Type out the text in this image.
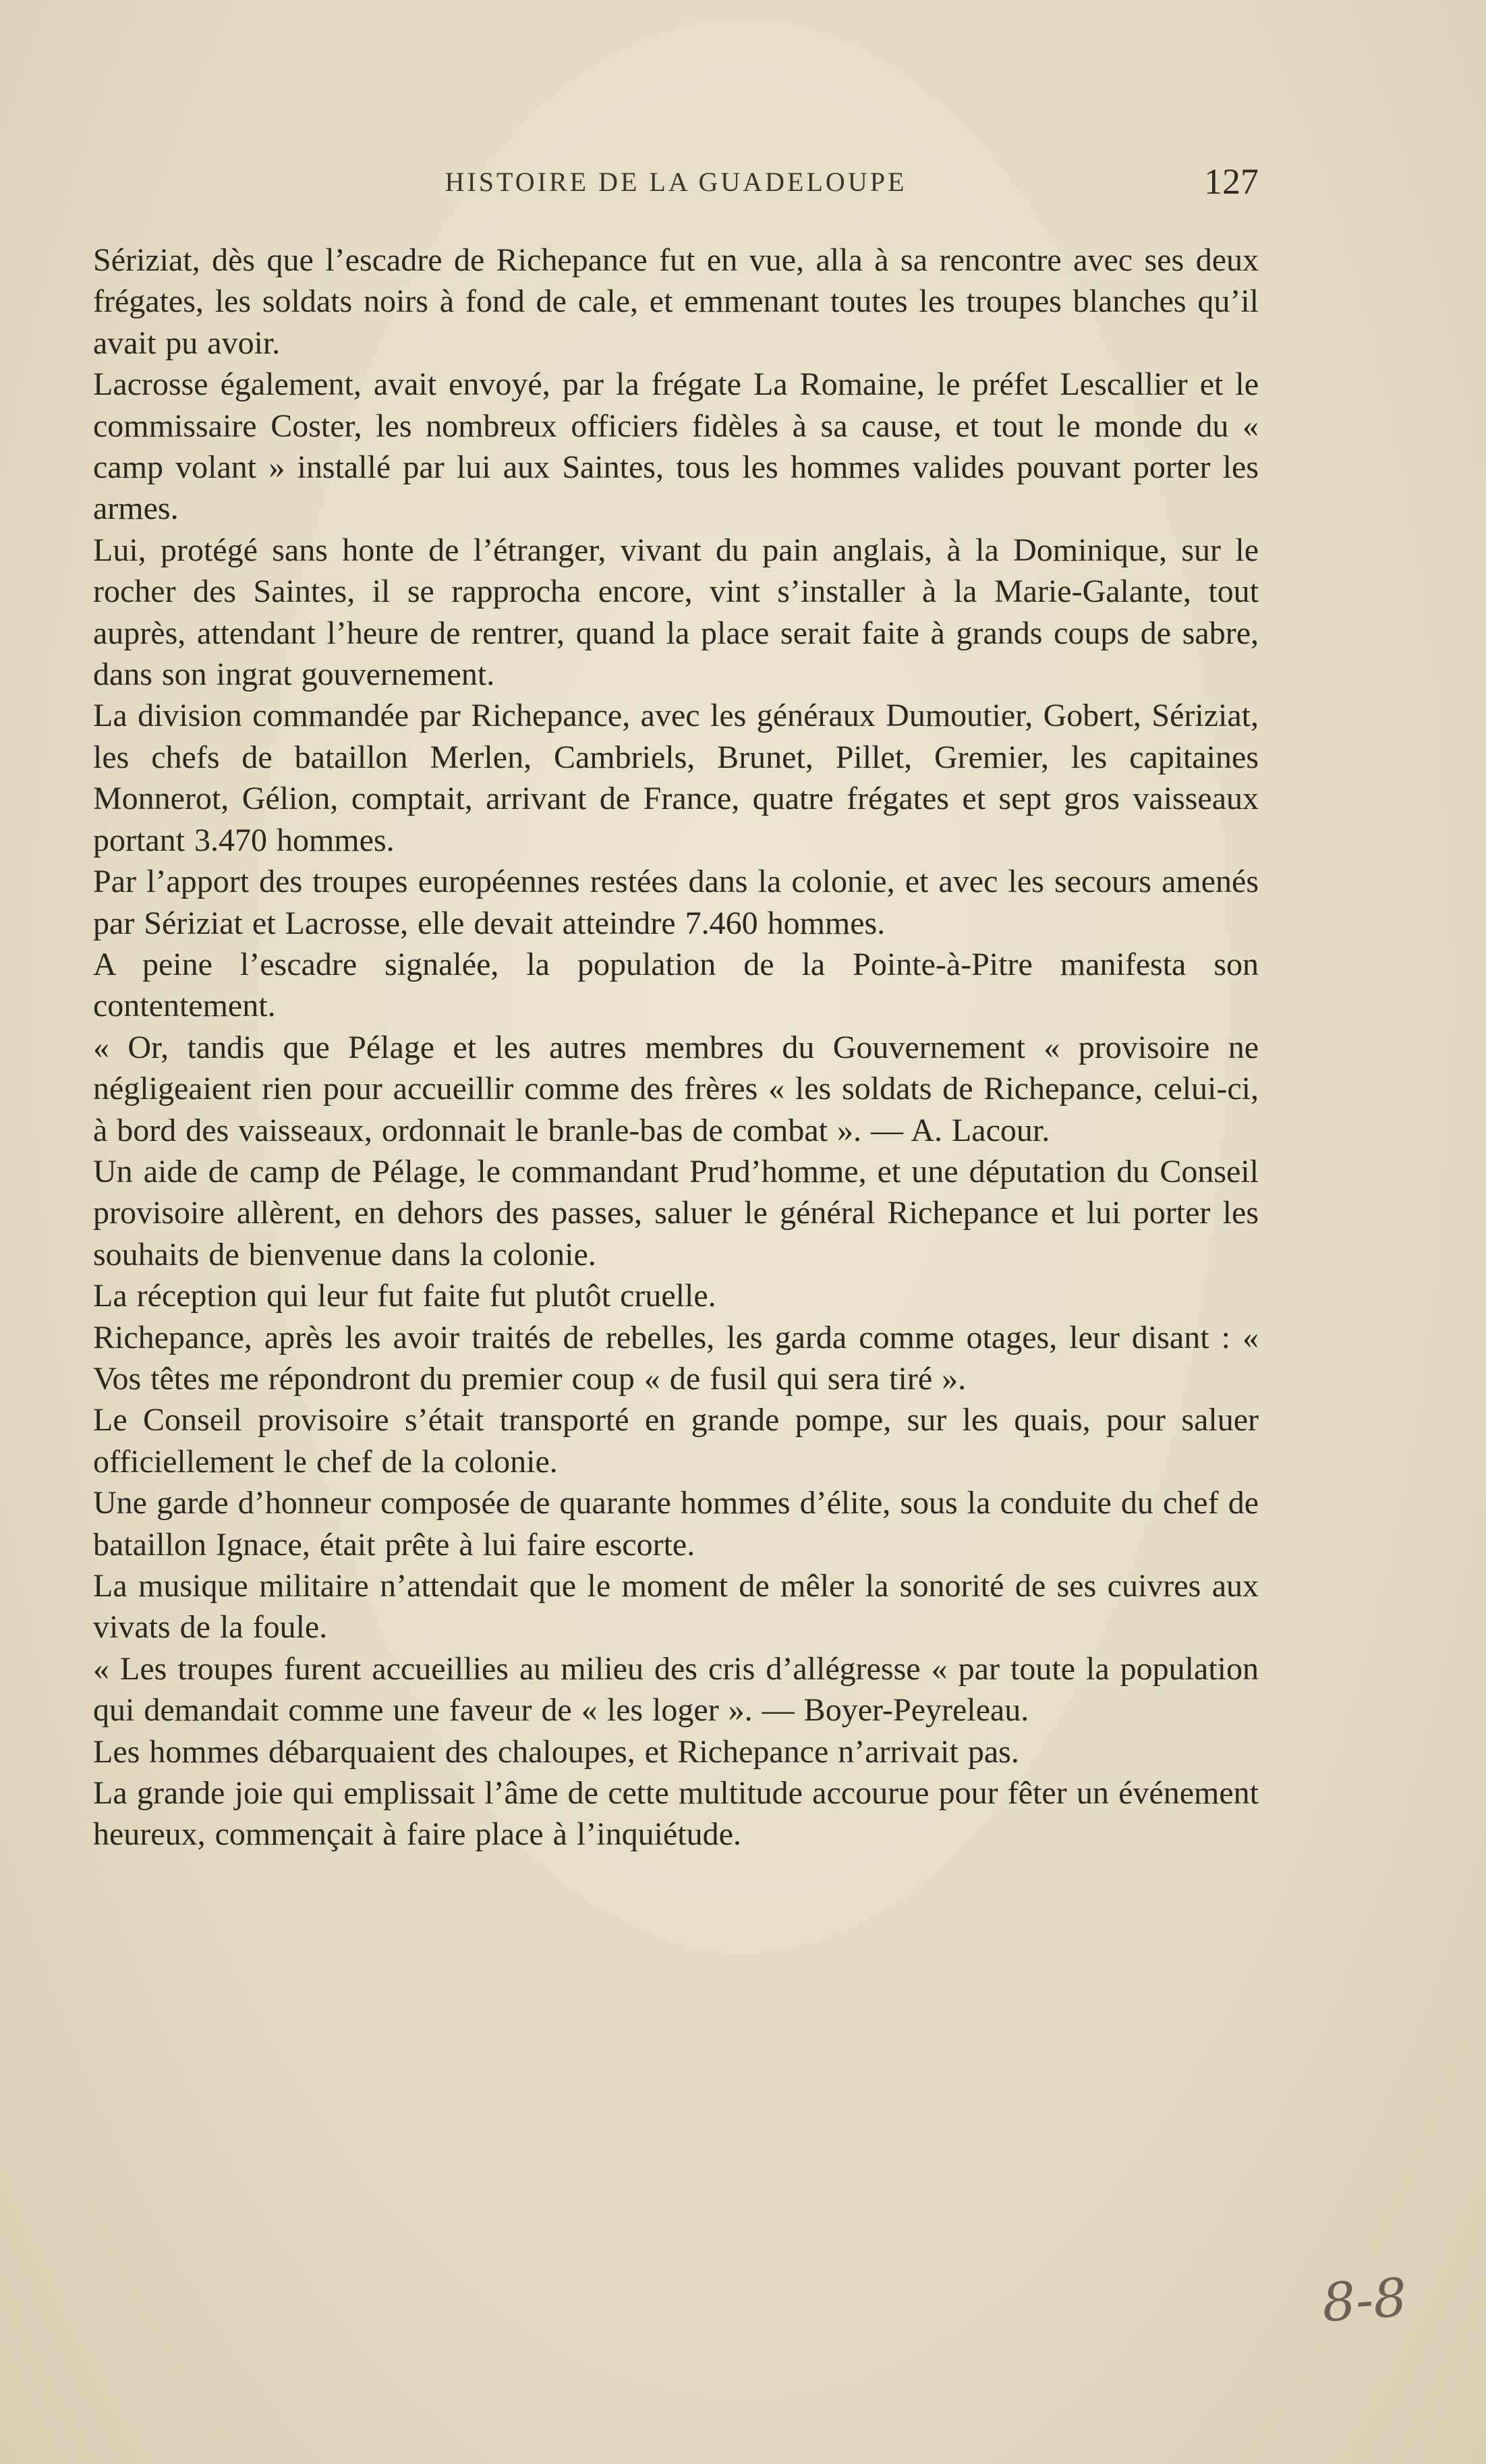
HISTOIRE DE LA GUADELOUPE	127

Sériziat, dès que l’escadre de Richepance fut en vue, alla à sa rencontre avec ses deux frégates, les soldats noirs à fond de cale, et emmenant toutes les troupes blanches qu’il avait pu avoir.

Lacrosse également, avait envoyé, par la frégate La Romaine, le préfet Lescallier et le commissaire Coster, les nombreux officiers fidèles à sa cause, et tout le monde du « camp volant » installé par lui aux Saintes, tous les hommes valides pouvant porter les armes.

Lui, protégé sans honte de l’étranger, vivant du pain anglais, à la Dominique, sur le rocher des Saintes, il se rapprocha encore, vint s’installer à la Marie-Galante, tout auprès, attendant l’heure de rentrer, quand la place serait faite à grands coups de sabre, dans son ingrat gouvernement.

La division commandée par Richepance, avec les généraux Dumoutier, Gobert, Sériziat, les chefs de bataillon Merlen, Cambriels, Brunet, Pillet, Gremier, les capitaines Monnerot, Gélion, comptait, arrivant de France, quatre frégates et sept gros vaisseaux portant 3.470 hommes.

Par l’apport des troupes européennes restées dans la colonie, et avec les secours amenés par Sériziat et Lacrosse, elle devait atteindre 7.460 hommes.

A peine l’escadre signalée, la population de la Pointe-à-Pitre manifesta son contentement.

« Or, tandis que Pélage et les autres membres du Gouvernement « provisoire ne négligeaient rien pour accueillir comme des frères « les soldats de Richepance, celui-ci, à bord des vaisseaux, ordonnait le branle-bas de combat ». — A. Lacour.

Un aide de camp de Pélage, le commandant Prud’homme, et une députation du Conseil provisoire allèrent, en dehors des passes, saluer le général Richepance et lui porter les souhaits de bienvenue dans la colonie.

La réception qui leur fut faite fut plutôt cruelle.

Richepance, après les avoir traités de rebelles, les garda comme otages, leur disant : « Vos têtes me répondront du premier coup « de fusil qui sera tiré ».

Le Conseil provisoire s’était transporté en grande pompe, sur les quais, pour saluer officiellement le chef de la colonie.

Une garde d’honneur composée de quarante hommes d’élite, sous la conduite du chef de bataillon Ignace, était prête à lui faire escorte.

La musique militaire n’attendait que le moment de mêler la sonorité de ses cuivres aux vivats de la foule.

« Les troupes furent accueillies au milieu des cris d’allégresse « par toute la population qui demandait comme une faveur de « les loger ». — Boyer-Peyreleau.

Les hommes débarquaient des chaloupes, et Richepance n’arrivait pas.

La grande joie qui emplissait l’âme de cette multitude accourue pour fêter un événement heureux, commençait à faire place à l’inquiétude.

8-8
